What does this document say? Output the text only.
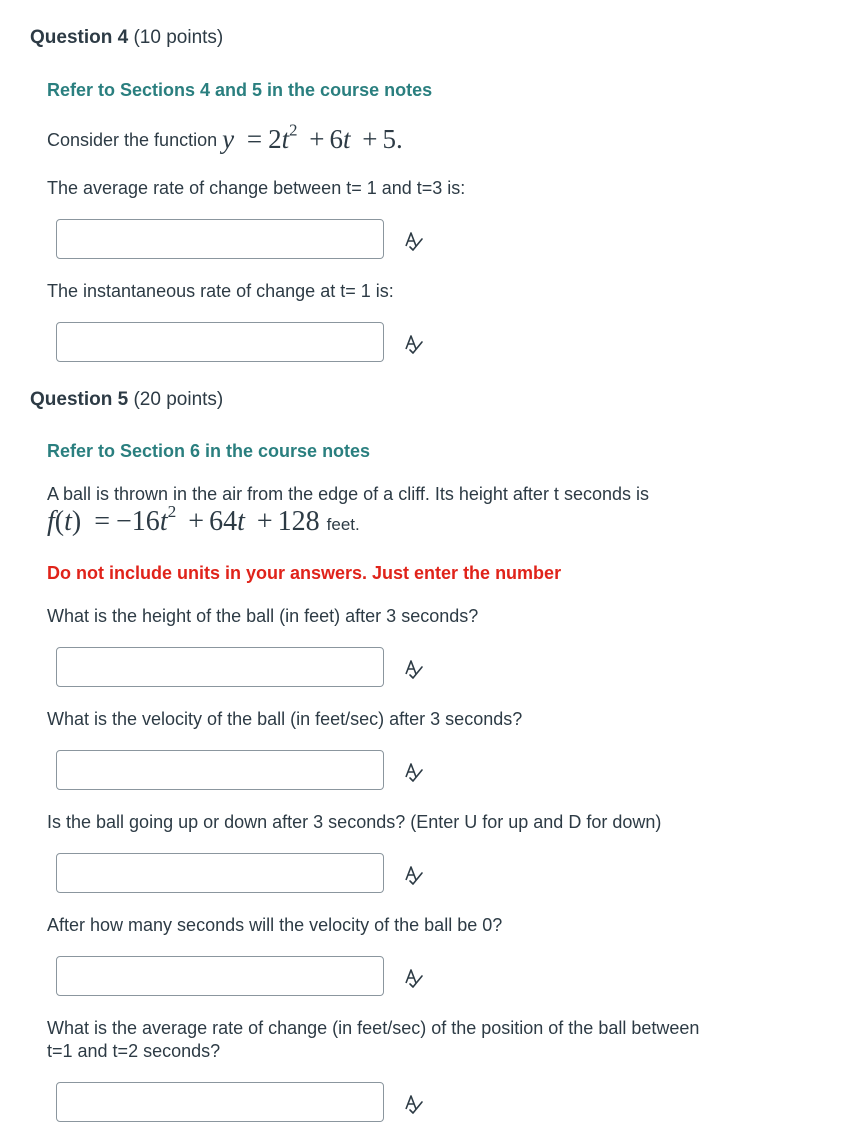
Question 4 (10 points)
Refer to Sections 4 and 5 in the course notes
Consider the function $y = 2t^2 + 6t + 5$.
The average rate of change between t= 1 and t=3 is:
The instantaneous rate of change at t= 1 is:
Question 5 (20 points)
Refer to Section 6 in the course notes
A ball is thrown in the air from the edge of a cliff. Its height after t seconds is
$f(t) = -16t^2 + 64t + 128$ feet.
Do not include units in your answers. Just enter the number
What is the height of the ball (in feet) after 3 seconds?
What is the velocity of the ball (in feet/sec) after 3 seconds?
Is the ball going up or down after 3 seconds? (Enter U for up and D for down)
After how many seconds will the velocity of the ball be 0?
What is the average rate of change (in feet/sec) of the position of the ball between
t=1 and t=2 seconds?
